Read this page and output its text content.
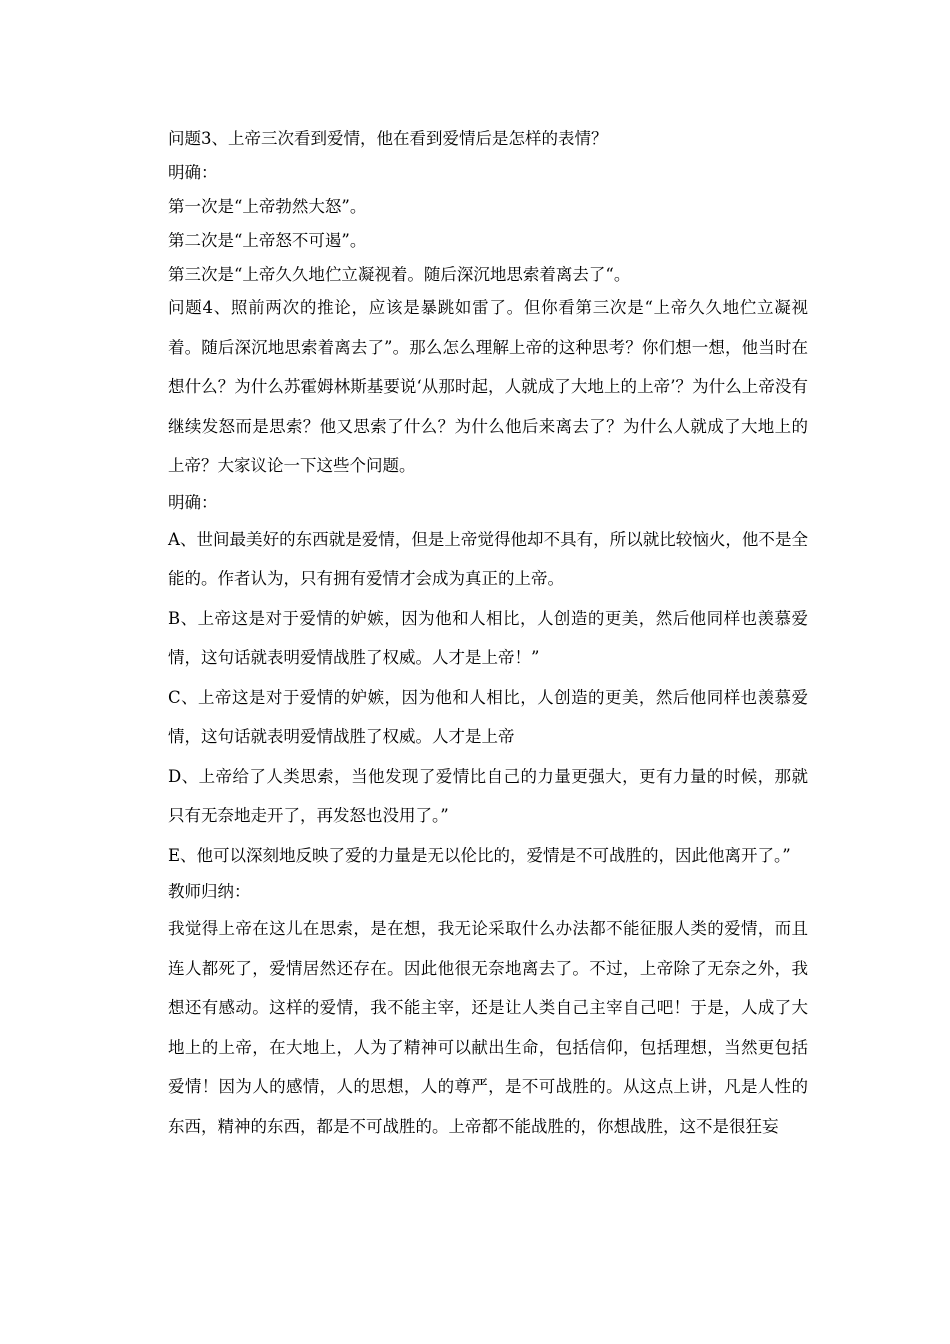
问题3、上帝三次看到爱情，他在看到爱情后是怎样的表情？

明确：

第一次是“上帝勃然大怒”。

第二次是“上帝怒不可遏”。

第三次是“上帝久久地伫立凝视着。随后深沉地思索着离去了“。

问题4、照前两次的推论，应该是暴跳如雷了。但你看第三次是“上帝久久地伫立凝视着。随后深沉地思索着离去了”。那么怎么理解上帝的这种思考？你们想一想，他当时在想什么？为什么苏霍姆林斯基要说‘从那时起，人就成了大地上的上帝’？为什么上帝没有继续发怒而是思索？他又思索了什么？为什么他后来离去了？为什么人就成了大地上的上帝？大家议论一下这些个问题。

明确：

A、世间最美好的东西就是爱情，但是上帝觉得他却不具有，所以就比较恼火，他不是全能的。作者认为，只有拥有爱情才会成为真正的上帝。

B、上帝这是对于爱情的妒嫉，因为他和人相比，人创造的更美，然后他同样也羡慕爱情，这句话就表明爱情战胜了权威。人才是上帝！”

C、上帝这是对于爱情的妒嫉，因为他和人相比，人创造的更美，然后他同样也羡慕爱情，这句话就表明爱情战胜了权威。人才是上帝

D、上帝给了人类思索，当他发现了爱情比自己的力量更强大，更有力量的时候，那就只有无奈地走开了，再发怒也没用了。”

E、他可以深刻地反映了爱的力量是无以伦比的，爱情是不可战胜的，因此他离开了。”

教师归纳：

我觉得上帝在这儿在思索，是在想，我无论采取什么办法都不能征服人类的爱情，而且连人都死了，爱情居然还存在。因此他很无奈地离去了。不过，上帝除了无奈之外，我想还有感动。这样的爱情，我不能主宰，还是让人类自己主宰自己吧！于是，人成了大地上的上帝，在大地上，人为了精神可以献出生命，包括信仰，包括理想，当然更包括爱情！因为人的感情，人的思想，人的尊严，是不可战胜的。从这点上讲，凡是人性的东西，精神的东西，都是不可战胜的。上帝都不能战胜的，你想战胜，这不是很狂妄
